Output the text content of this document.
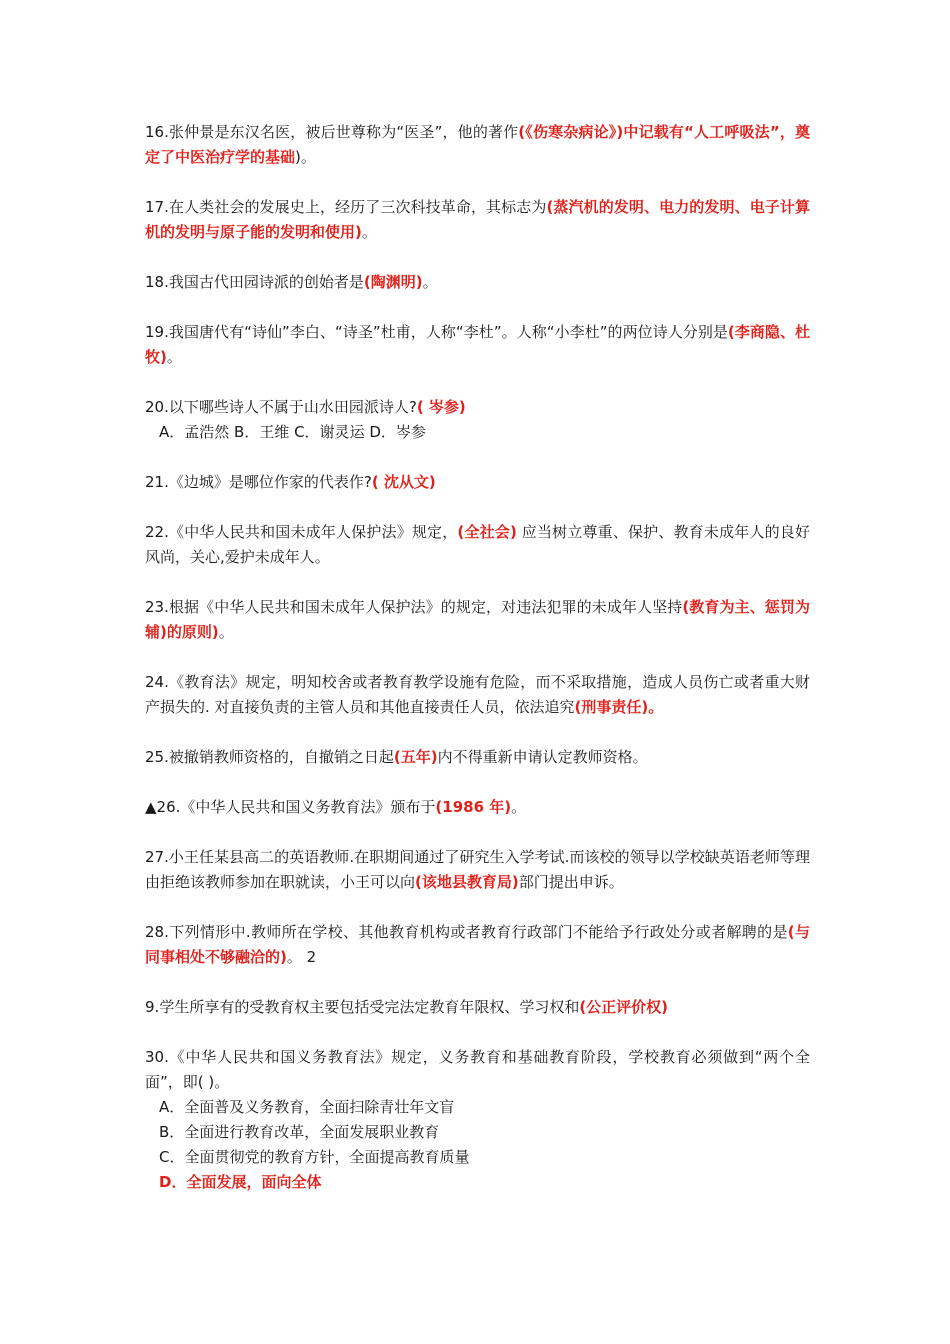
16.张仲景是东汉名医，被后世尊称为“医圣”，他的著作(《伤寒杂病论》)中记载有“人工呼吸法”，奠定了中医治疗学的基础)。
17.在人类社会的发展史上，经历了三次科技革命，其标志为(蒸汽机的发明、电力的发明、电子计算机的发明与原子能的发明和使用)。
18.我国古代田园诗派的创始者是(陶渊明)。
19.我国唐代有“诗仙”李白、“诗圣”杜甫，人称“李杜”。人称“小李杜”的两位诗人分别是(李商隐、杜牧)。
20.以下哪些诗人不属于山水田园派诗人?( 岑参)
A．孟浩然 B．王维 C．谢灵运 D．岑参
21.《边城》是哪位作家的代表作?( 沈从文)
22.《中华人民共和国未成年人保护法》规定，(全社会) 应当树立尊重、保护、教育未成年人的良好风尚，关心,爱护未成年人。
23.根据《中华人民共和国未成年人保护法》的规定，对违法犯罪的未成年人坚持(教育为主、惩罚为辅)的原则)。
24.《教育法》规定，明知校舍或者教育教学设施有危险，而不采取措施，造成人员伤亡或者重大财产损失的. 对直接负责的主管人员和其他直接责任人员，依法追究(刑事责任)。
25.被撤销教师资格的，自撤销之日起(五年)内不得重新申请认定教师资格。
▲26.《中华人民共和国义务教育法》颁布于(1986 年)。
27.小王任某县高二的英语教师.在职期间通过了研究生入学考试.而该校的领导以学校缺英语老师等理由拒绝该教师参加在职就读，小王可以向(该地县教育局)部门提出申诉。
28.下列情形中.教师所在学校、其他教育机构或者教育行政部门不能给予行政处分或者解聘的是(与同事相处不够融洽的)。 2
9.学生所享有的受教育权主要包括受完法定教育年限权、学习权和(公正评价权)
30.《中华人民共和国义务教育法》规定，义务教育和基础教育阶段，学校教育必须做到“两个全面”，即( )。
A．全面普及义务教育，全面扫除青壮年文盲
B．全面进行教育改革，全面发展职业教育
C．全面贯彻党的教育方针，全面提高教育质量
D．全面发展，面向全体
